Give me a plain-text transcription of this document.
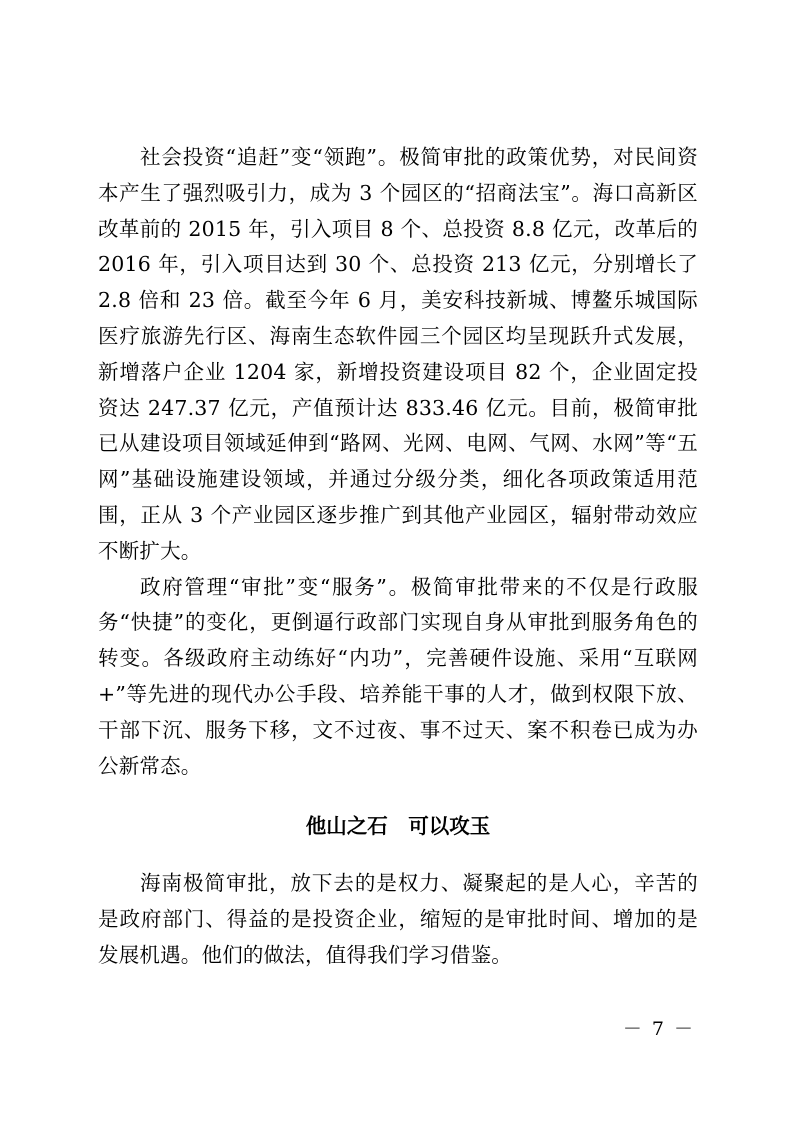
社会投资“追赶”变“领跑”。极简审批的政策优势，对民间资本产生了强烈吸引力，成为 3 个园区的“招商法宝”。海口高新区改革前的 2015 年，引入项目 8 个、总投资 8.8 亿元，改革后的 2016 年，引入项目达到 30 个、总投资 213 亿元，分别增长了 2.8 倍和 23 倍。截至今年 6 月，美安科技新城、博鳌乐城国际医疗旅游先行区、海南生态软件园三个园区均呈现跃升式发展，新增落户企业 1204 家，新增投资建设项目 82 个，企业固定投资达 247.37 亿元，产值预计达 833.46 亿元。目前，极简审批已从建设项目领域延伸到“路网、光网、电网、气网、水网”等“五网”基础设施建设领域，并通过分级分类，细化各项政策适用范围，正从 3 个产业园区逐步推广到其他产业园区，辐射带动效应不断扩大。

政府管理“审批”变“服务”。极简审批带来的不仅是行政服务“快捷”的变化，更倒逼行政部门实现自身从审批到服务角色的转变。各级政府主动练好“内功”，完善硬件设施、采用“互联网+”等先进的现代办公手段、培养能干事的人才，做到权限下放、干部下沉、服务下移，文不过夜、事不过天、案不积卷已成为办公新常态。

他山之石　可以攻玉

海南极简审批，放下去的是权力、凝聚起的是人心，辛苦的是政府部门、得益的是投资企业，缩短的是审批时间、增加的是发展机遇。他们的做法，值得我们学习借鉴。

－ 7 －
